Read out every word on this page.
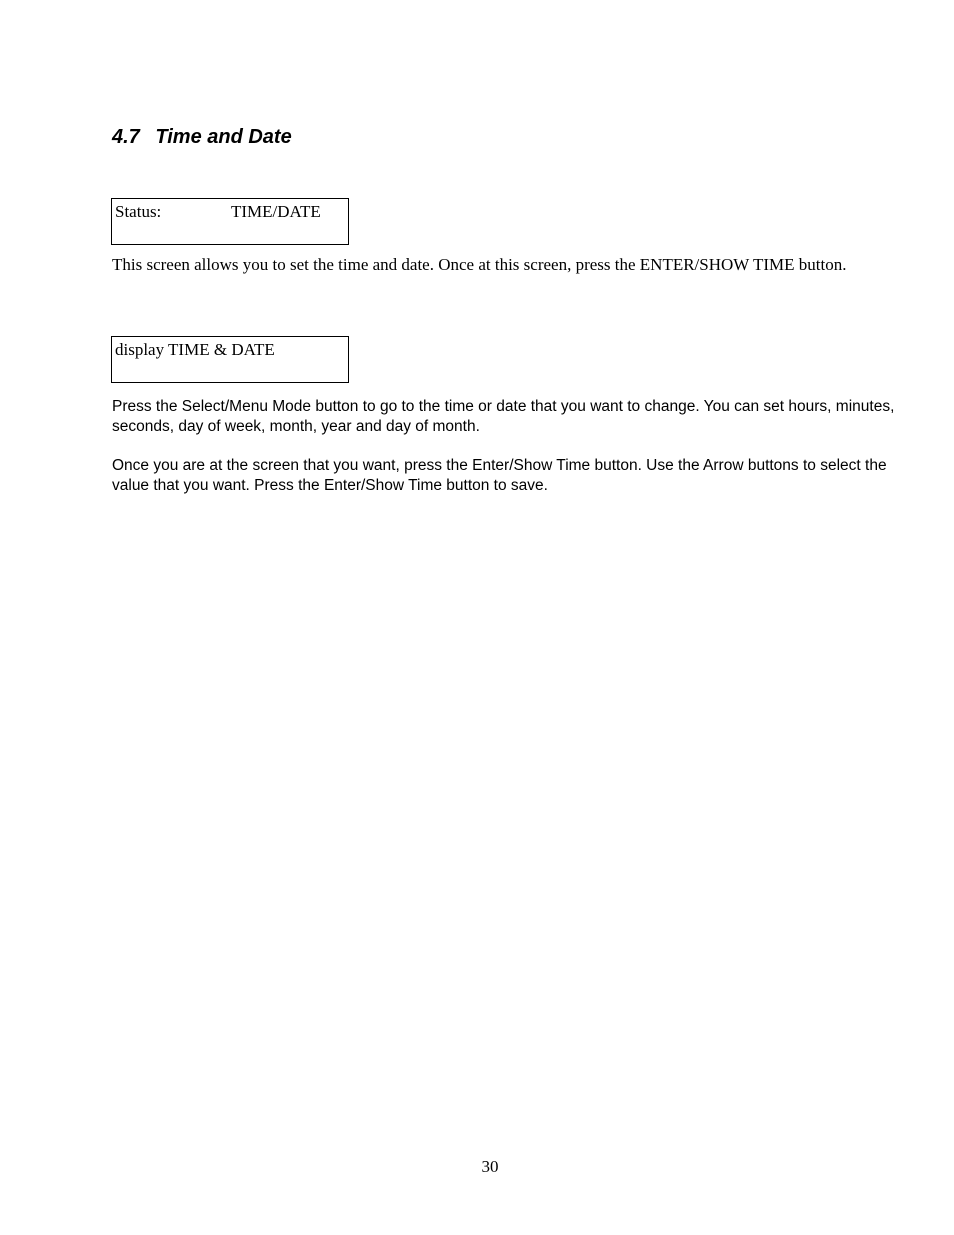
4.7 Time and Date
Status:	TIME/DATE

This screen allows you to set the time and date. Once at this screen, press the ENTER/SHOW TIME button.

display TIME & DATE

Press the Select/Menu Mode button to go to the time or date that you want to change. You can set hours, minutes, seconds, day of week, month, year and day of month.

Once you are at the screen that you want, press the Enter/Show Time button. Use the Arrow buttons to select the value that you want. Press the Enter/Show Time button to save.

30
